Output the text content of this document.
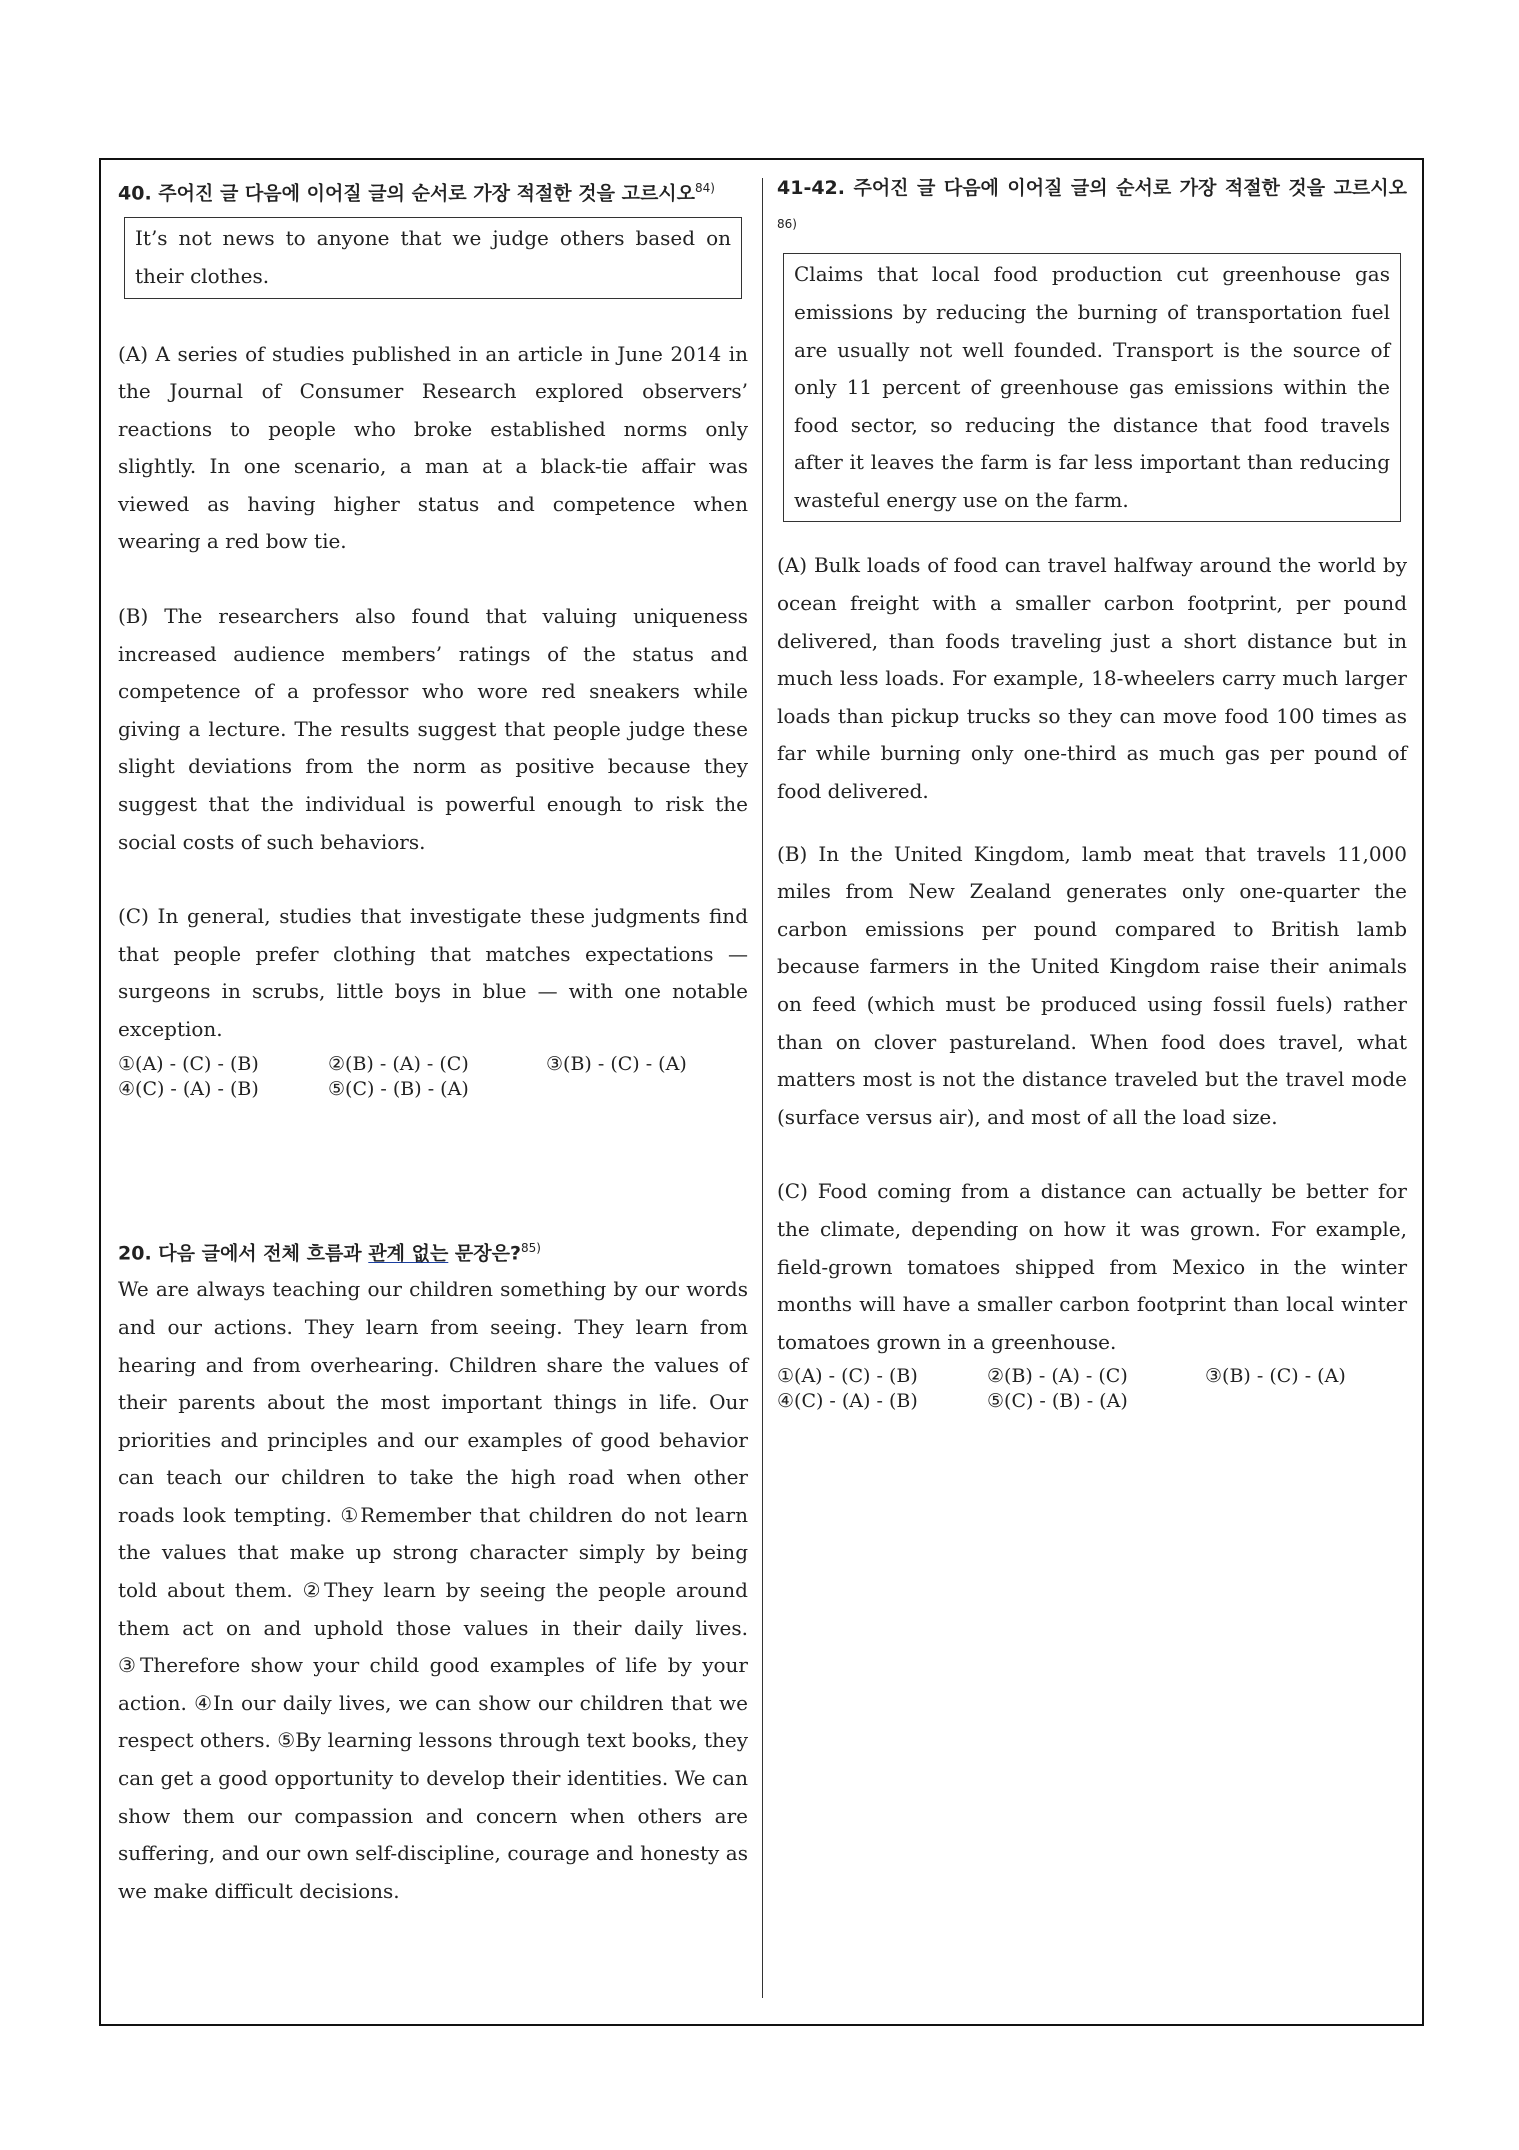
40. 주어진 글 다음에 이어질 글의 순서로 가장 적절한 것을 고르시오$^{84)}$

It’s not news to anyone that we judge others based on their clothes.

(A) A series of studies published in an article in June 2014 in the Journal of Consumer Research explored observers’ reactions to people who broke established norms only slightly. In one scenario, a man at a black-tie affair was viewed as having higher status and competence when wearing a red bow tie.

(B) The researchers also found that valuing uniqueness increased audience members’ ratings of the status and competence of a professor who wore red sneakers while giving a lecture. The results suggest that people judge these slight deviations from the norm as positive because they suggest that the individual is powerful enough to risk the social costs of such behaviors.

(C) In general, studies that investigate these judgments find that people prefer clothing that matches expectations — surgeons in scrubs, little boys in blue — with one notable exception.

①(A) - (C) - (B)	②(B) - (A) - (C)	③(B) - (C) - (A)
④(C) - (A) - (B)	⑤(C) - (B) - (A)

20. 다음 글에서 전체 흐름과 관계 없는 문장은?$^{85)}$

We are always teaching our children something by our words and our actions. They learn from seeing. They learn from hearing and from overhearing. Children share the values of their parents about the most important things in life. Our priorities and principles and our examples of good behavior can teach our children to take the high road when other roads look tempting. ①Remember that children do not learn the values that make up strong character simply by being told about them. ②They learn by seeing the people around them act on and uphold those values in their daily lives. ③Therefore show your child good examples of life by your action. ④In our daily lives, we can show our children that we respect others. ⑤By learning lessons through text books, they can get a good opportunity to develop their identities. We can show them our compassion and concern when others are suffering, and our own self-discipline, courage and honesty as we make difficult decisions.

41-42. 주어진 글 다음에 이어질 글의 순서로 가장 적절한 것을 고르시오$^{86)}$

Claims that local food production cut greenhouse gas emissions by reducing the burning of transportation fuel are usually not well founded. Transport is the source of only 11 percent of greenhouse gas emissions within the food sector, so reducing the distance that food travels after it leaves the farm is far less important than reducing wasteful energy use on the farm.

(A) Bulk loads of food can travel halfway around the world by ocean freight with a smaller carbon footprint, per pound delivered, than foods traveling just a short distance but in much less loads. For example, 18-wheelers carry much larger loads than pickup trucks so they can move food 100 times as far while burning only one-third as much gas per pound of food delivered.

(B) In the United Kingdom, lamb meat that travels 11,000 miles from New Zealand generates only one-quarter the carbon emissions per pound compared to British lamb because farmers in the United Kingdom raise their animals on feed (which must be produced using fossil fuels) rather than on clover pastureland. When food does travel, what matters most is not the distance traveled but the travel mode (surface versus air), and most of all the load size.

(C) Food coming from a distance can actually be better for the climate, depending on how it was grown. For example, field-grown tomatoes shipped from Mexico in the winter months will have a smaller carbon footprint than local winter tomatoes grown in a greenhouse.

①(A) - (C) - (B)	②(B) - (A) - (C)	③(B) - (C) - (A)
④(C) - (A) - (B)	⑤(C) - (B) - (A)
